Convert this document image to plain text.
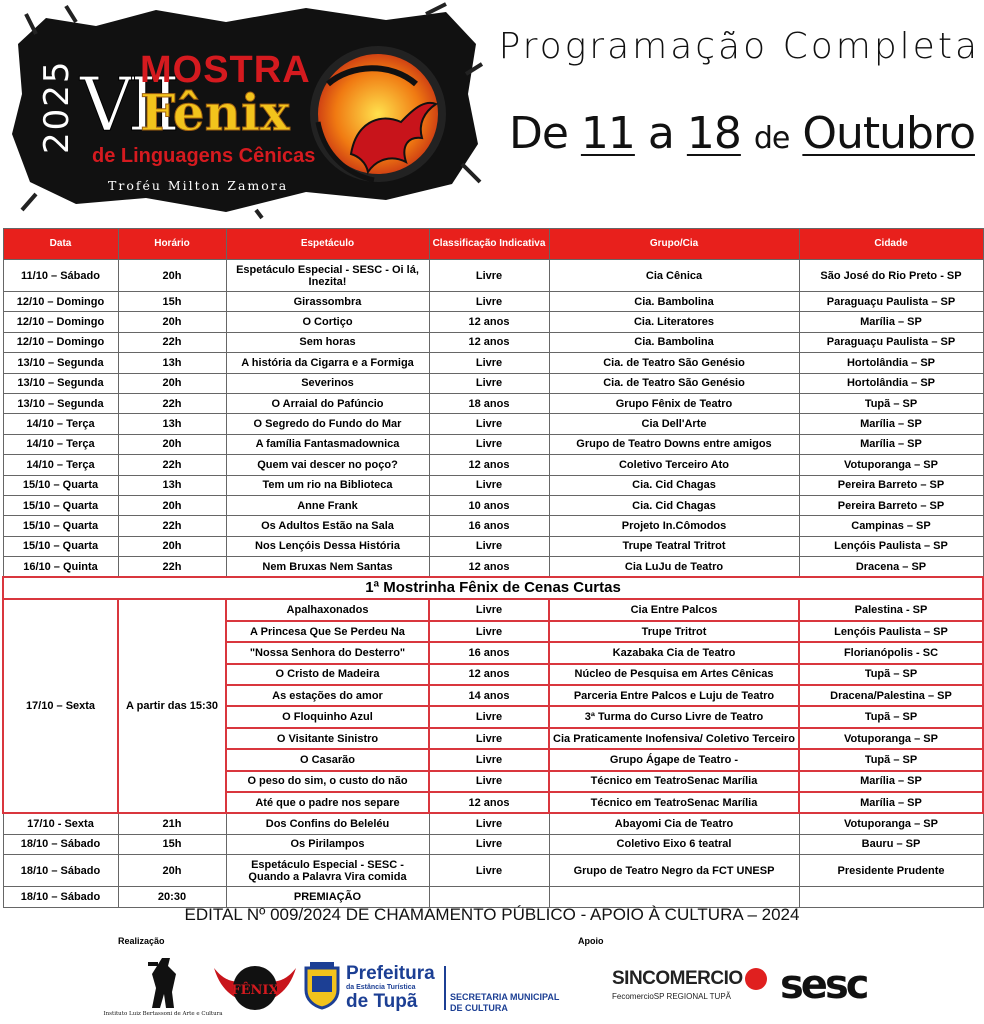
2025 VII
MOSTRA
Fênix
de Linguagens Cênicas
Troféu Milton Zamora
Programação Completa
De 11 a 18 de Outubro
Data	Horário	Espetáculo	Classificação Indicativa	Grupo/Cia	Cidade
11/10 – Sábado	20h	Espetáculo Especial - SESC - Oi lá, Inezita!	Livre	Cia Cênica	São José do Rio Preto - SP
12/10 – Domingo	15h	Girassombra	Livre	Cia. Bambolina	Paraguaçu Paulista – SP
12/10 – Domingo	20h	O Cortiço	12 anos	Cia. Literatores	Marília – SP
12/10 – Domingo	22h	Sem horas	12 anos	Cia. Bambolina	Paraguaçu Paulista – SP
13/10 – Segunda	13h	A história da Cigarra e a Formiga	Livre	Cia. de Teatro São Genésio	Hortolândia – SP
13/10 – Segunda	20h	Severinos	Livre	Cia. de Teatro São Genésio	Hortolândia – SP
13/10 – Segunda	22h	O Arraial do Pafúncio	18 anos	Grupo Fênix de Teatro	Tupã – SP
14/10 – Terça	13h	O Segredo do Fundo do Mar	Livre	Cia Dell'Arte	Marília – SP
14/10 – Terça	20h	A família Fantasmadownica	Livre	Grupo de Teatro Downs entre amigos	Marília – SP
14/10 – Terça	22h	Quem vai descer no poço?	12 anos	Coletivo Terceiro Ato	Votuporanga – SP
15/10 – Quarta	13h	Tem um rio na Biblioteca	Livre	Cia. Cid Chagas	Pereira Barreto – SP
15/10 – Quarta	20h	Anne Frank	10 anos	Cia. Cid Chagas	Pereira Barreto – SP
15/10 – Quarta	22h	Os Adultos Estão na Sala	16 anos	Projeto In.Cômodos	Campinas – SP
15/10 – Quarta	20h	Nos Lençóis Dessa História	Livre	Trupe Teatral Tritrot	Lençóis Paulista – SP
16/10 – Quinta	22h	Nem Bruxas Nem Santas	12 anos	Cia LuJu de Teatro	Dracena – SP
1ª Mostrinha Fênix de Cenas Curtas					
17/10 – Sexta	A partir das 15:30	Apalhaxonados	Livre	Cia Entre Palcos	Palestina - SP
		A Princesa Que Se Perdeu Na	Livre	Trupe Tritrot	Lençóis Paulista – SP
		"Nossa Senhora do Desterro"	16 anos	Kazabaka Cia de Teatro	Florianópolis - SC
		O Cristo de Madeira	12 anos	Núcleo de Pesquisa em Artes Cênicas	Tupã – SP
		As estações do amor	14 anos	Parceria Entre Palcos e Luju de Teatro	Dracena/Palestina – SP
		O Floquinho Azul	Livre	3ª Turma do Curso Livre de Teatro	Tupã – SP
		O Visitante Sinistro	Livre	Cia Praticamente Inofensiva/ Coletivo Terceiro	Votuporanga – SP
		O Casarão	Livre	Grupo Ágape de Teatro -	Tupã – SP
		O peso do sim, o custo do não	Livre	Técnico em TeatroSenac Marília	Marília – SP
		Até que o padre nos separe	12 anos	Técnico em TeatroSenac Marília	Marília – SP
17/10 - Sexta	21h	Dos Confins do Beleléu	Livre	Abayomi Cia de Teatro	Votuporanga – SP
18/10 – Sábado	15h	Os Pirilampos	Livre	Coletivo Eixo 6 teatral	Bauru – SP
18/10 – Sábado	20h	Espetáculo Especial - SESC - Quando a Palavra Vira comida	Livre	Grupo de Teatro Negro da FCT UNESP	Presidente Prudente
18/10 – Sábado	20:30	PREMIAÇÃO			
EDITAL Nº 009/2024 DE CHAMAMENTO PÚBLICO - APOIO À CULTURA – 2024
Realização	Apoio
Instituto Luiz Bertassoni de Arte e Cultura
FÊNIX
Prefeitura
da Estância Turística
de Tupã	SECRETARIA MUNICIPAL
DE CULTURA
SINCOMERCIO
FecomercioSP REGIONAL TUPÃ	sesc
